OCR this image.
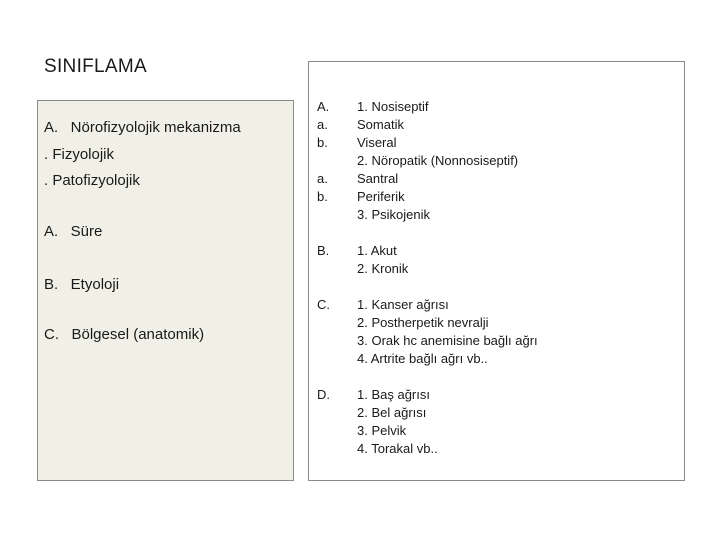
SINIFLAMA
A.   Nörofizyolojik mekanizma
. Fizyolojik
. Patofizyolojik
A.   Süre
B.   Etyoloji
C.   Bölgesel (anatomik)
A.
a.
b.
a.
b.
B.
C.
D.
1. Nosiseptif
Somatik
Viseral
2. Nöropatik (Nonnosiseptif)
Santral
Periferik
3. Psikojenik
1. Akut
2. Kronik
1. Kanser ağrısı
2. Postherpetik nevralji
3. Orak hc anemisine bağlı ağrı
4. Artrite bağlı ağrı vb..
1. Baş ağrısı
2. Bel ağrısı
3. Pelvik
4. Torakal vb..
